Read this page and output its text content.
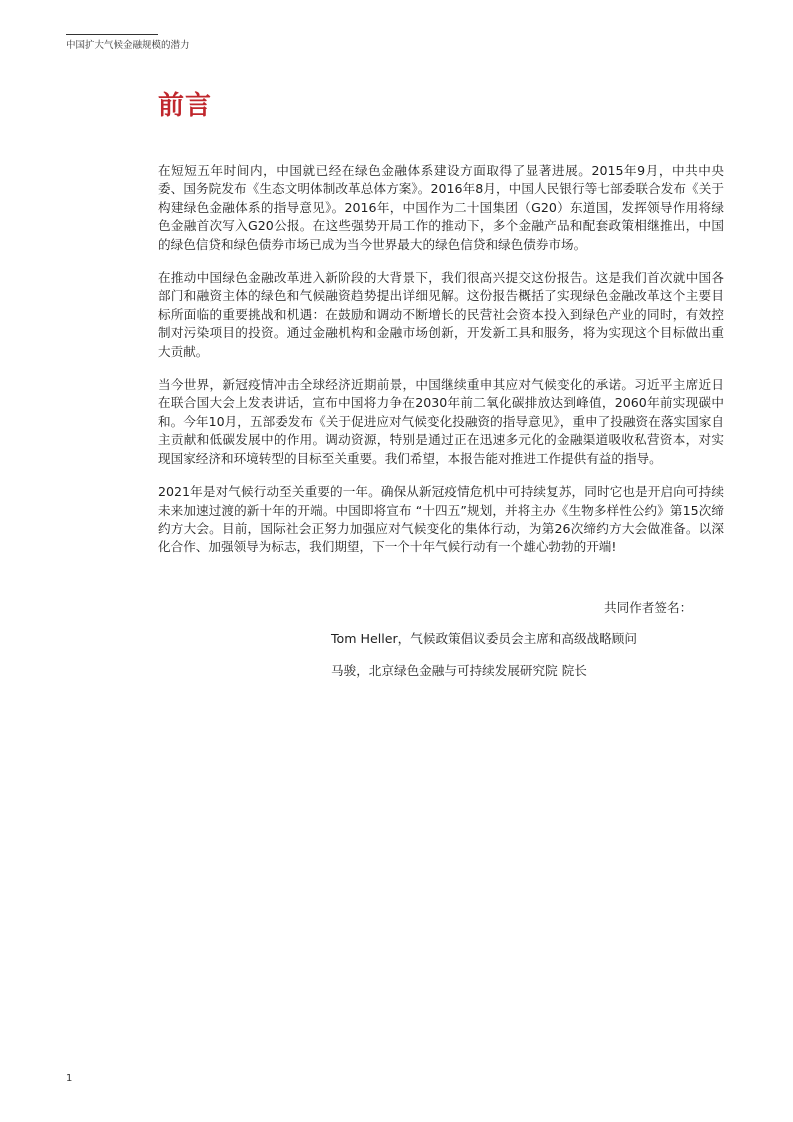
中国扩大气候金融规模的潜力
前言

在短短五年时间内，中国就已经在绿色金融体系建设方面取得了显著进展。2015年9月，中共中央委、国务院发布《生态文明体制改革总体方案》。2016年8月，中国人民银行等七部委联合发布《关于构建绿色金融体系的指导意见》。2016年，中国作为二十国集团（G20）东道国，发挥领导作用将绿色金融首次写入G20公报。在这些强势开局工作的推动下，多个金融产品和配套政策相继推出，中国的绿色信贷和绿色债券市场已成为当今世界最大的绿色信贷和绿色债券市场。

在推动中国绿色金融改革进入新阶段的大背景下，我们很高兴提交这份报告。这是我们首次就中国各部门和融资主体的绿色和气候融资趋势提出详细见解。这份报告概括了实现绿色金融改革这个主要目标所面临的重要挑战和机遇：在鼓励和调动不断增长的民营社会资本投入到绿色产业的同时，有效控制对污染项目的投资。通过金融机构和金融市场创新，开发新工具和服务，将为实现这个目标做出重大贡献。

当今世界，新冠疫情冲击全球经济近期前景，中国继续重申其应对气候变化的承诺。习近平主席近日在联合国大会上发表讲话，宣布中国将力争在2030年前二氧化碳排放达到峰值，2060年前实现碳中和。今年10月，五部委发布《关于促进应对气候变化投融资的指导意见》，重申了投融资在落实国家自主贡献和低碳发展中的作用。调动资源，特别是通过正在迅速多元化的金融渠道吸收私营资本，对实现国家经济和环境转型的目标至关重要。我们希望，本报告能对推进工作提供有益的指导。

2021年是对气候行动至关重要的一年。确保从新冠疫情危机中可持续复苏，同时它也是开启向可持续未来加速过渡的新十年的开端。中国即将宣布 “十四五”规划，并将主办《生物多样性公约》第15次缔约方大会。目前，国际社会正努力加强应对气候变化的集体行动，为第26次缔约方大会做准备。以深化合作、加强领导为标志，我们期望，下一个十年气候行动有一个雄心勃勃的开端!

共同作者签名：
Tom Heller，气候政策倡议委员会主席和高级战略顾问
马骏，北京绿色金融与可持续发展研究院 院长
1
